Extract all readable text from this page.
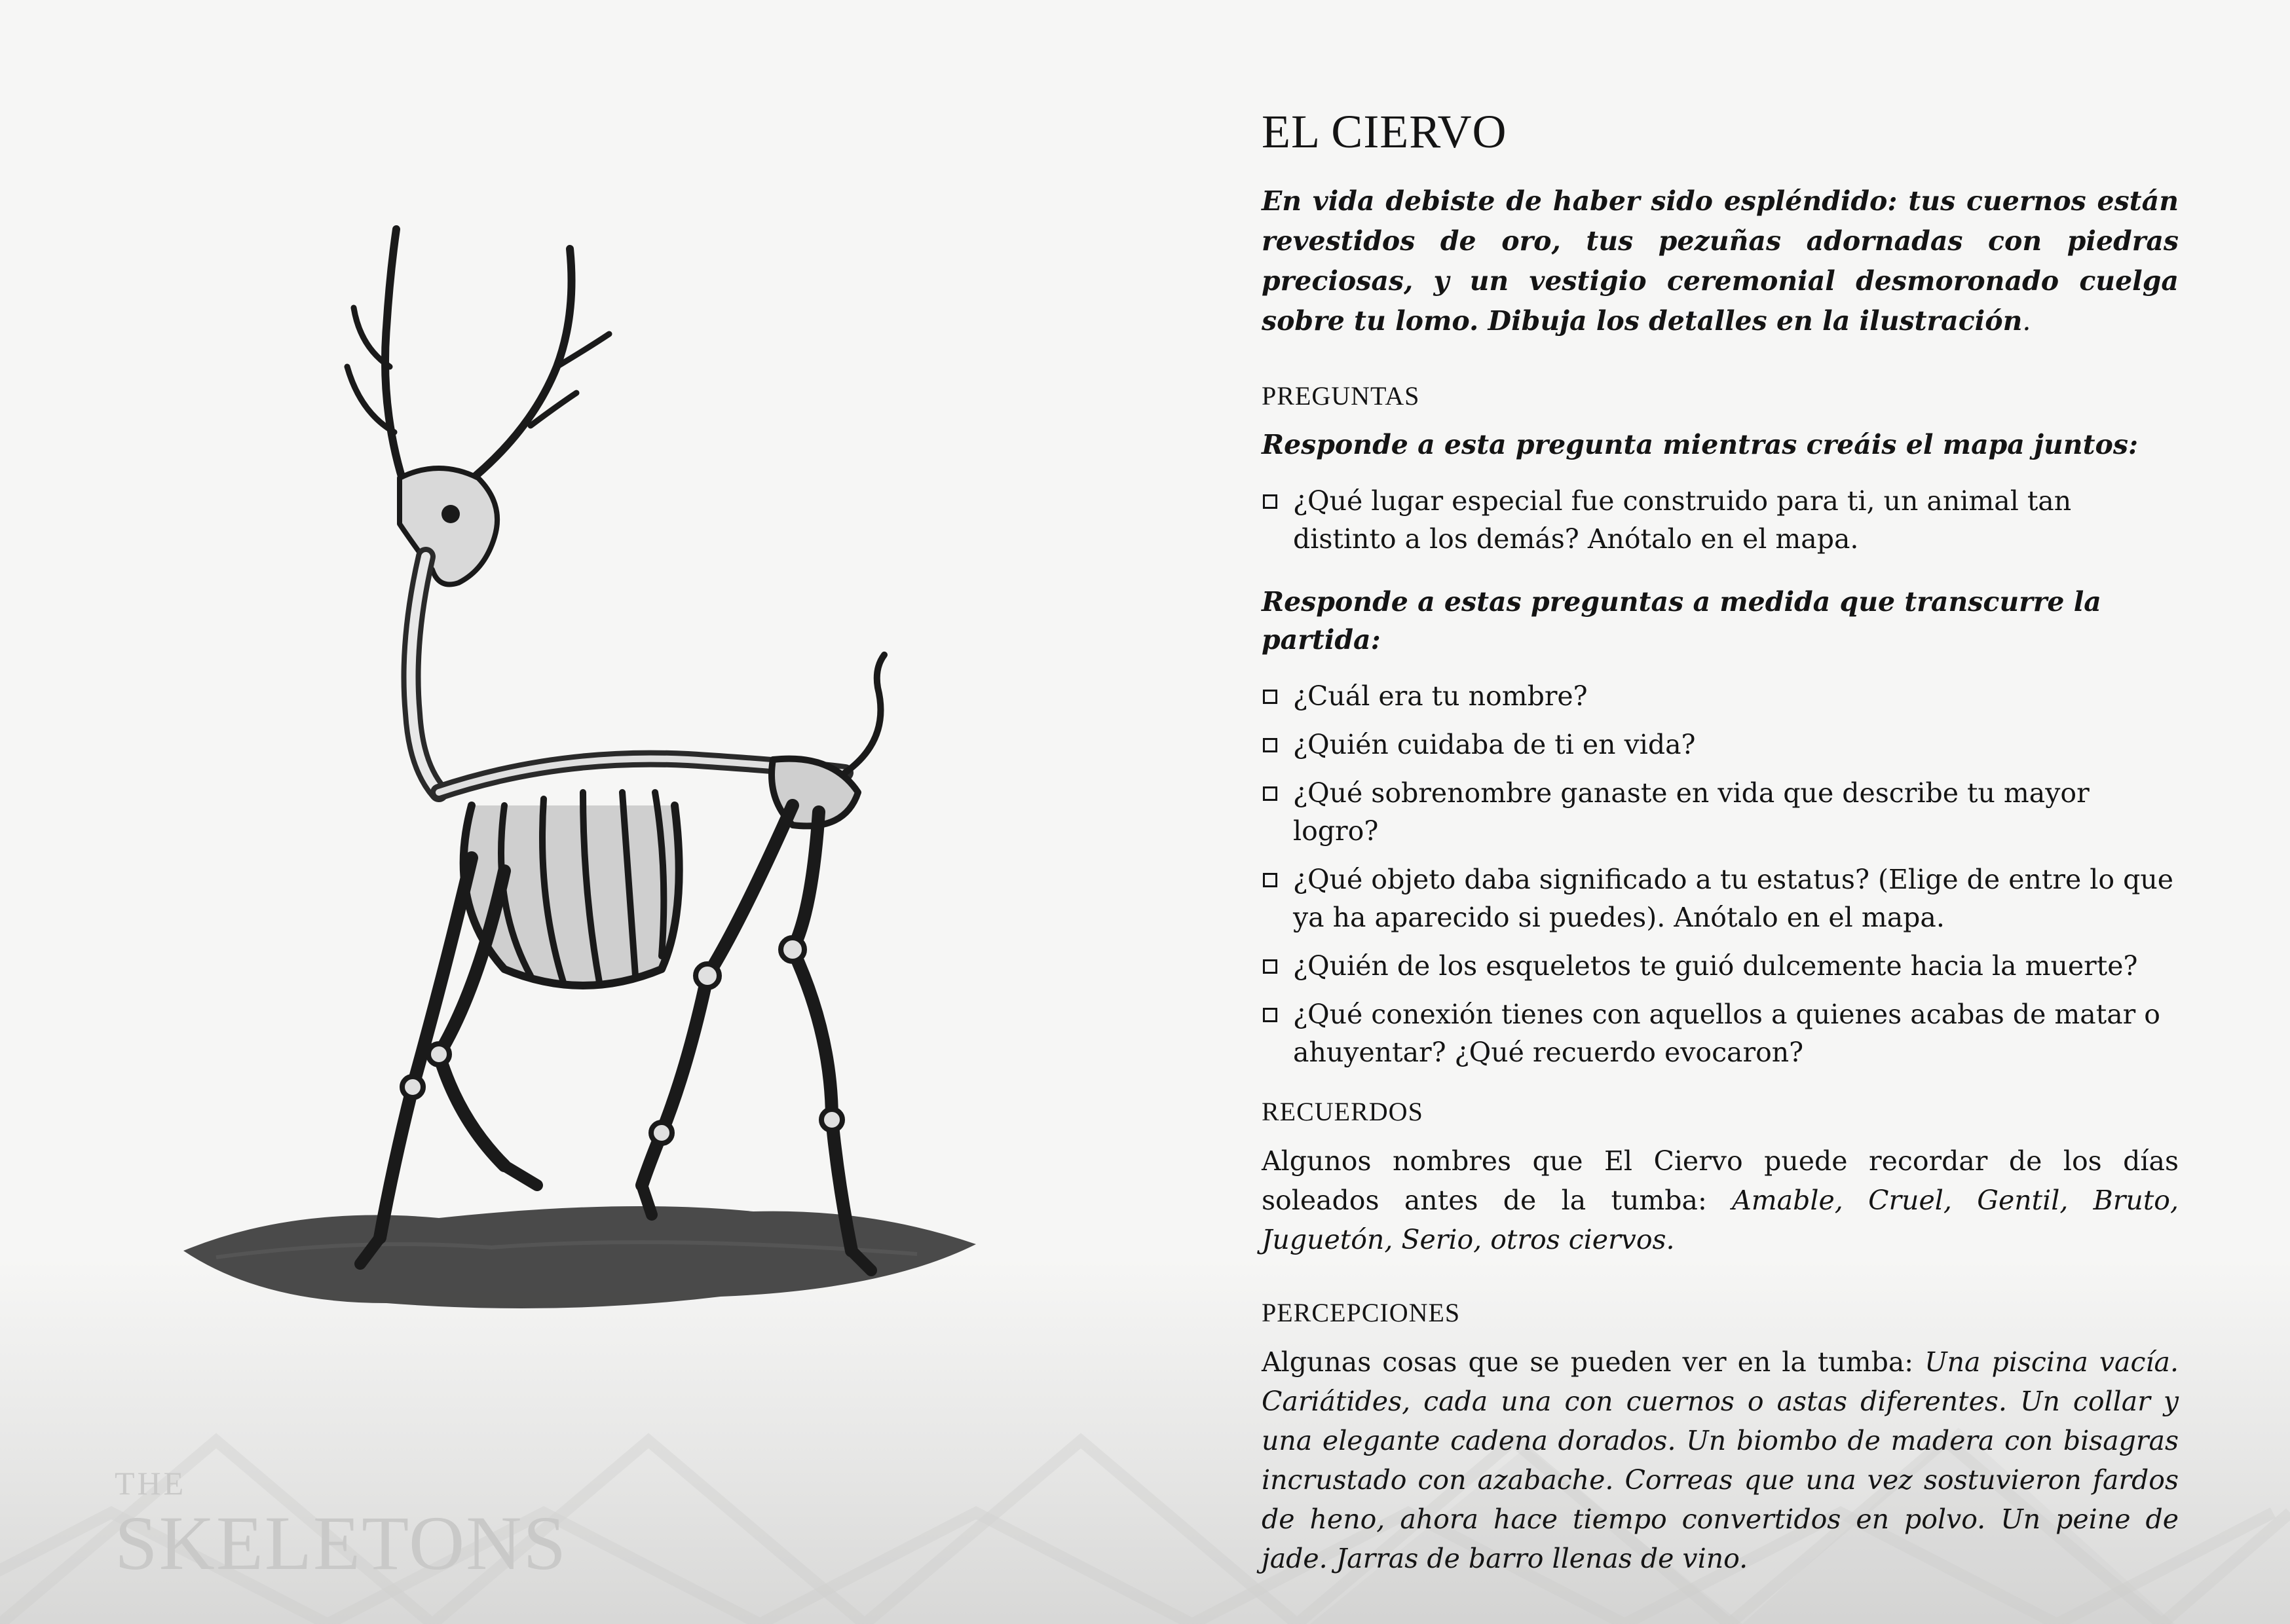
THE
SKELETONS
EL CIERVO

En vida debiste de haber sido espléndido: tus cuernos están revestidos de oro, tus pezuñas adornadas con piedras preciosas, y un vestigio ceremonial desmoronado cuelga sobre tu lomo. Dibuja los detalles en la ilustración.

PREGUNTAS

Responde a esta pregunta mientras creáis el mapa juntos:

¿Qué lugar especial fue construido para ti, un animal tan distinto a los demás? Anótalo en el mapa.

Responde a estas preguntas a medida que transcurre la partida:

¿Cuál era tu nombre?
¿Quién cuidaba de ti en vida?
¿Qué sobrenombre ganaste en vida que describe tu mayor logro?
¿Qué objeto daba significado a tu estatus? (Elige de entre lo que ya ha aparecido si puedes). Anótalo en el mapa.
¿Quién de los esqueletos te guió dulcemente hacia la muerte?
¿Qué conexión tienes con aquellos a quienes acabas de matar o ahuyentar? ¿Qué recuerdo evocaron?
RECUERDOS

Algunos nombres que El Ciervo puede recordar de los días soleados antes de la tumba: Amable, Cruel, Gentil, Bruto, Juguetón, Serio, otros ciervos.

PERCEPCIONES

Algunas cosas que se pueden ver en la tumba: Una piscina vacía. Cariátides, cada una con cuernos o astas diferentes. Un collar y una elegante cadena dorados. Un biombo de madera con bisagras incrustado con azabache. Correas que una vez sostuvieron fardos de heno, ahora hace tiempo convertidos en polvo. Un peine de jade. Jarras de barro llenas de vino.
